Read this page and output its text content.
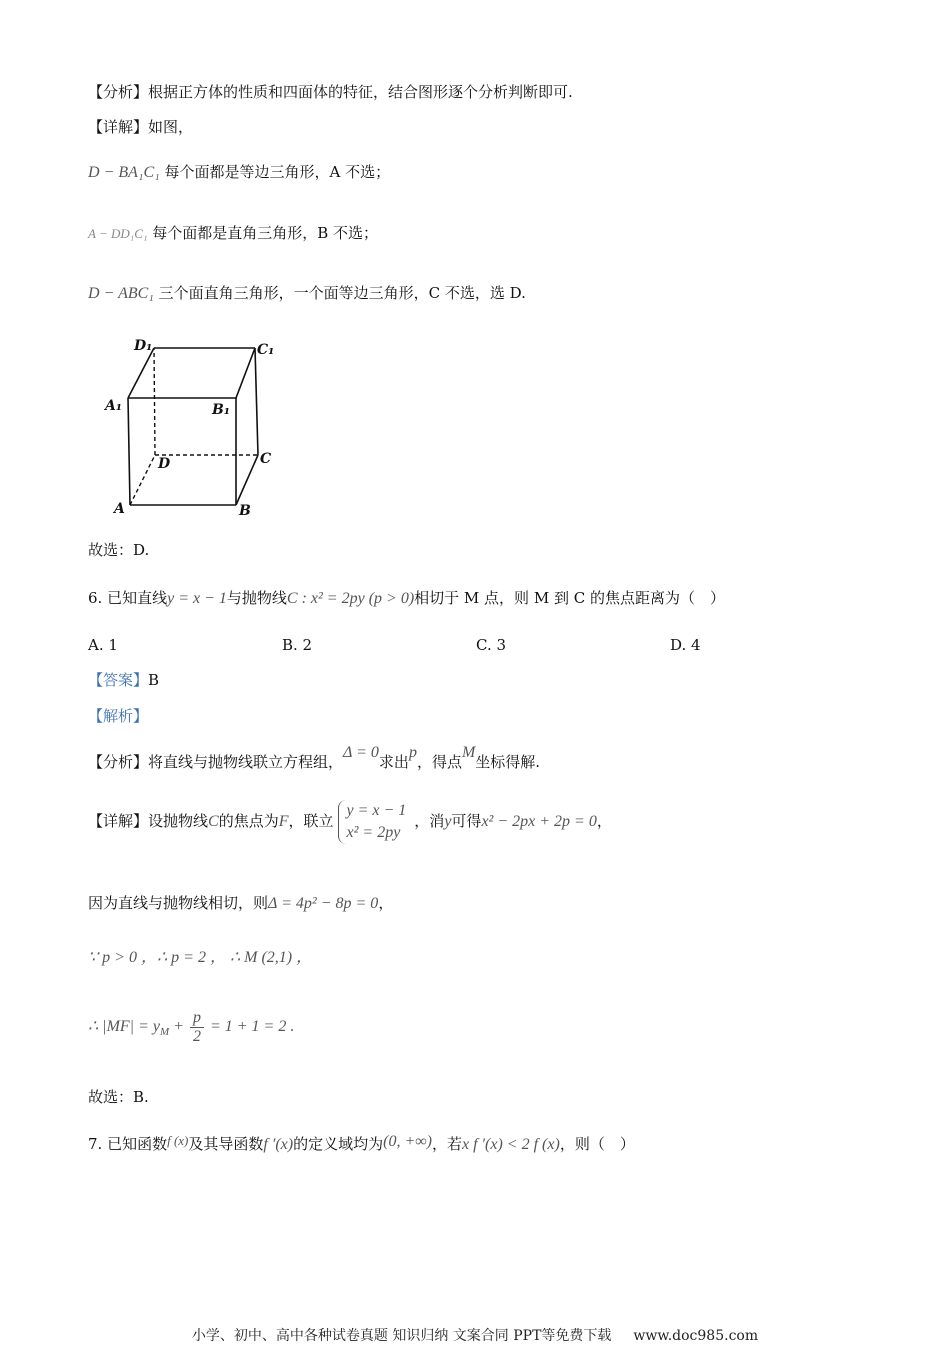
【分析】根据正方体的性质和四面体的特征，结合图形逐个分析判断即可.
【详解】如图，
D − BA₁C₁ 每个面都是等边三角形，A 不选；
A − DD₁C₁ 每个面都是直角三角形，B 不选；
D − ABC₁ 三个面直角三角形，一个面等边三角形，C 不选，选 D.
D₁	C₁
A₁	B₁
D	C
A	B
故选：D.
6. 已知直线y = x − 1与抛物线C : x² = 2py (p > 0)相切于 M 点，则 M 到 C 的焦点距离为（　）
A. 1	B. 2	C. 3	D. 4
【答案】B
【解析】
【分析】将直线与抛物线联立方程组，Δ = 0求出p，得点M坐标得解.
【详解】设抛物线C的焦点为F，联立
y = x − 1
x² = 2py
，消y可得x² − 2px + 2p = 0，
因为直线与抛物线相切，则Δ = 4p² − 8p = 0，
∵ p > 0 ，∴ p = 2 ， ∴ M (2,1) ，
∴ $|MF| = y_M + \frac{p}{2} = 1 + 1 = 2$ .
故选：B.
7. 已知函数f (x)及其导函数f ′(x)的定义域均为(0, +∞)，若x f ′(x) < 2 f (x)，则（　）
小学、初中、高中各种试卷真题 知识归纳 文案合同 PPT等免费下载 www.doc985.com
